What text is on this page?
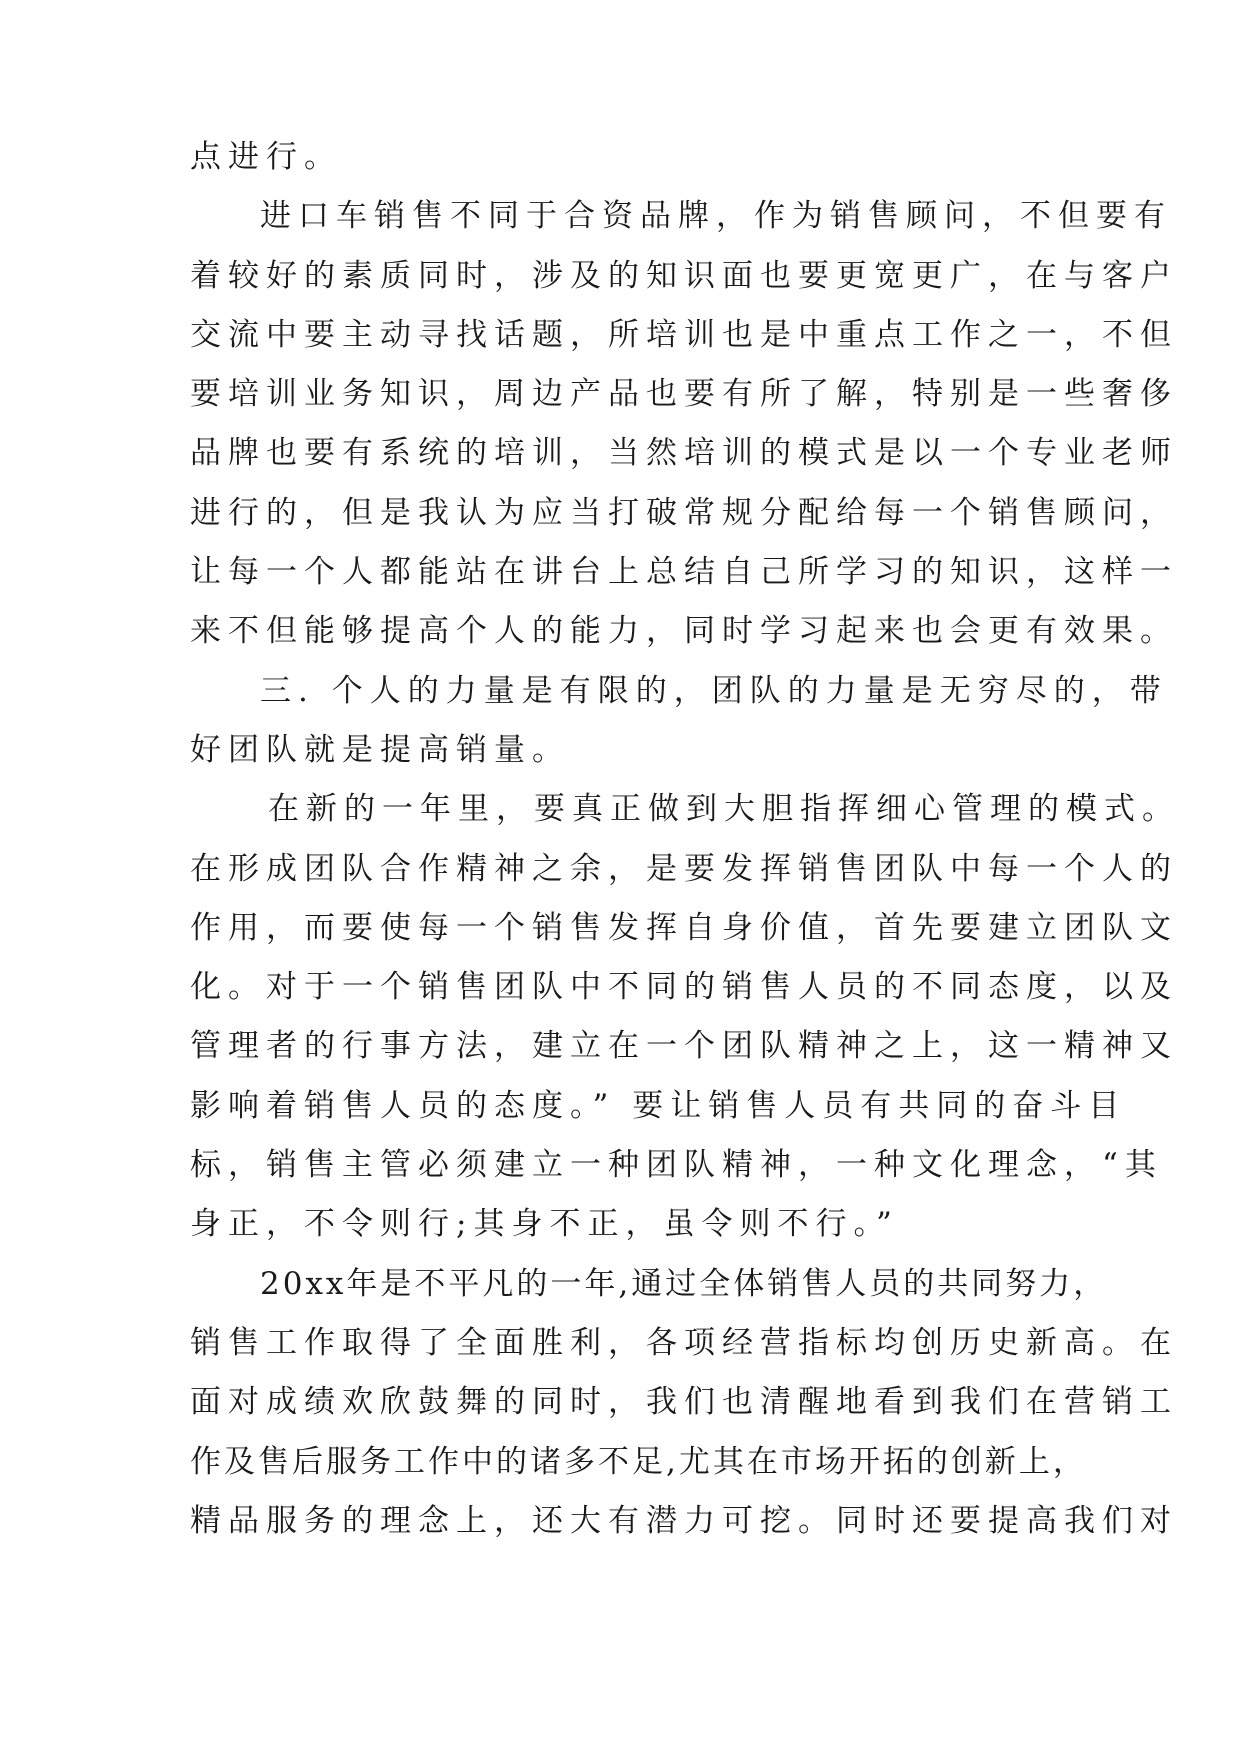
点进行。
进口车销售不同于合资品牌，作为销售顾问，不但要有
着较好的素质同时，涉及的知识面也要更宽更广，在与客户
交流中要主动寻找话题，所培训也是中重点工作之一，不但
要培训业务知识，周边产品也要有所了解，特别是一些奢侈
品牌也要有系统的培训，当然培训的模式是以一个专业老师
进行的，但是我认为应当打破常规分配给每一个销售顾问，
让每一个人都能站在讲台上总结自己所学习的知识，这样一
来不但能够提高个人的能力，同时学习起来也会更有效果。
三. 个人的力量是有限的，团队的力量是无穷尽的，带
好团队就是提高销量。
在新的一年里，要真正做到大胆指挥细心管理的模式。
在形成团队合作精神之余，是要发挥销售团队中每一个人的
作用，而要使每一个销售发挥自身价值，首先要建立团队文
化。对于一个销售团队中不同的销售人员的不同态度，以及
管理者的行事方法，建立在一个团队精神之上，这一精神又
影响着销售人员的态度。” 要让销售人员有共同的奋斗目
标，销售主管必须建立一种团队精神，一种文化理念，“其
身正，不令则行;其身不正，虽令则不行。”
20xx年是不平凡的一年,通过全体销售人员的共同努力，
销售工作取得了全面胜利，各项经营指标均创历史新高。在
面对成绩欢欣鼓舞的同时，我们也清醒地看到我们在营销工
作及售后服务工作中的诸多不足,尤其在市场开拓的创新上，
精品服务的理念上，还大有潜力可挖。同时还要提高我们对
